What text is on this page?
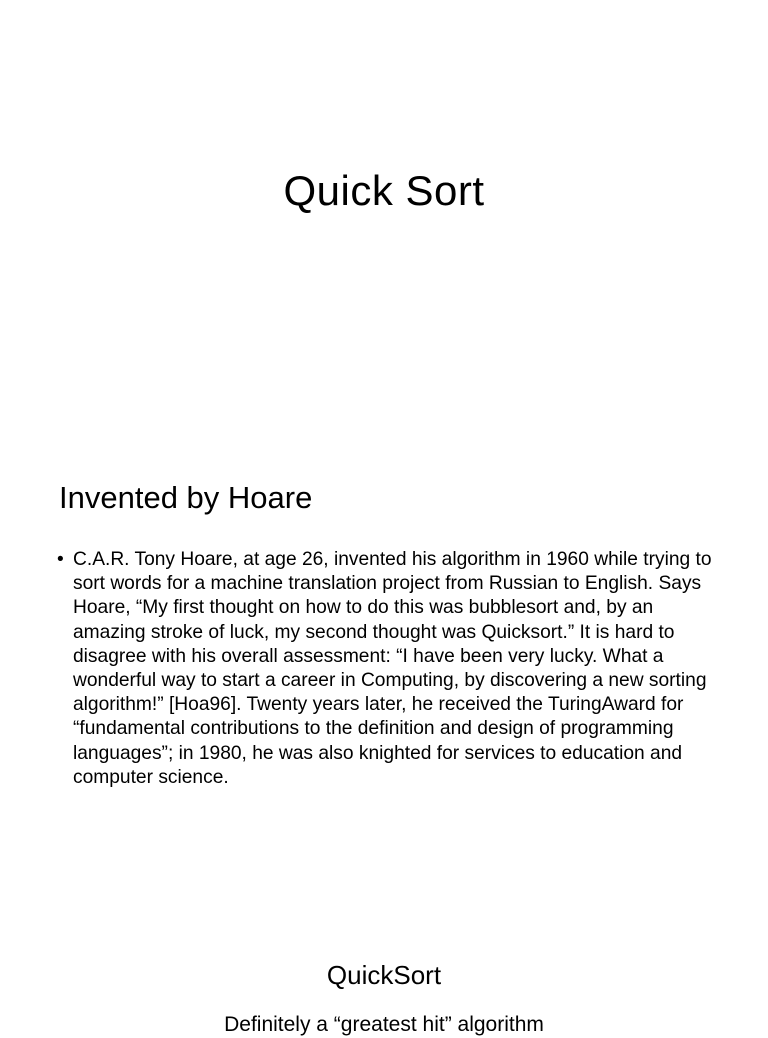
Quick Sort
Invented by Hoare
• C.A.R. Tony Hoare, at age 26, invented his algorithm in 1960 while trying to sort words for a machine translation project from Russian to English. Says Hoare, “My first thought on how to do this was bubblesort and, by an amazing stroke of luck, my second thought was Quicksort.” It is hard to disagree with his overall assessment: “I have been very lucky. What a wonderful way to start a career in Computing, by discovering a new sorting algorithm!” [Hoa96]. Twenty years later, he received the TuringAward for “fundamental contributions to the definition and design of programming languages”; in 1980, he was also knighted for services to education and computer science.
QuickSort

Definitely a “greatest hit” algorithm
